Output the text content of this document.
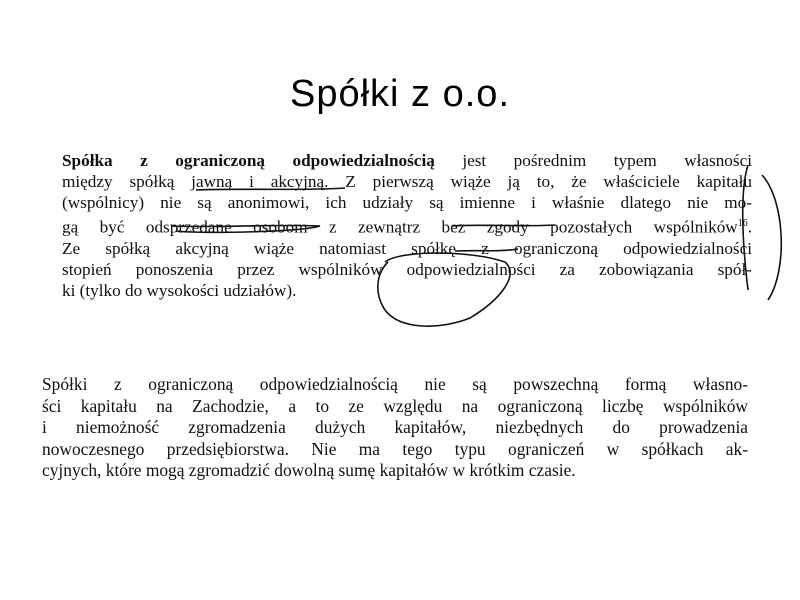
Spółki z o.o.
Spółka z ograniczoną odpowiedzialnością jest pośrednim typem własności
między spółką jawną i akcyjną. Z pierwszą wiąże ją to, że właściciele kapitału
(wspólnicy) nie są anonimowi, ich udziały są imienne i właśnie dlatego nie mo-
gą być odsprzedane osobom z zewnątrz bez zgody pozostałych wspólników$^{16}$.
Ze spółką akcyjną wiąże natomiast spółkę z ograniczoną odpowiedzialności
stopień ponoszenia przez wspólników odpowiedzialności za zobowiązania spół-
ki (tylko do wysokości udziałów).
Spółki z ograniczoną odpowiedzialnością nie są powszechną formą własno-
ści kapitału na Zachodzie, a to ze względu na ograniczoną liczbę wspólników
i niemożność zgromadzenia dużych kapitałów, niezbędnych do prowadzenia
nowoczesnego przedsiębiorstwa. Nie ma tego typu ograniczeń w spółkach ak-
cyjnych, które mogą zgromadzić dowolną sumę kapitałów w krótkim czasie.
